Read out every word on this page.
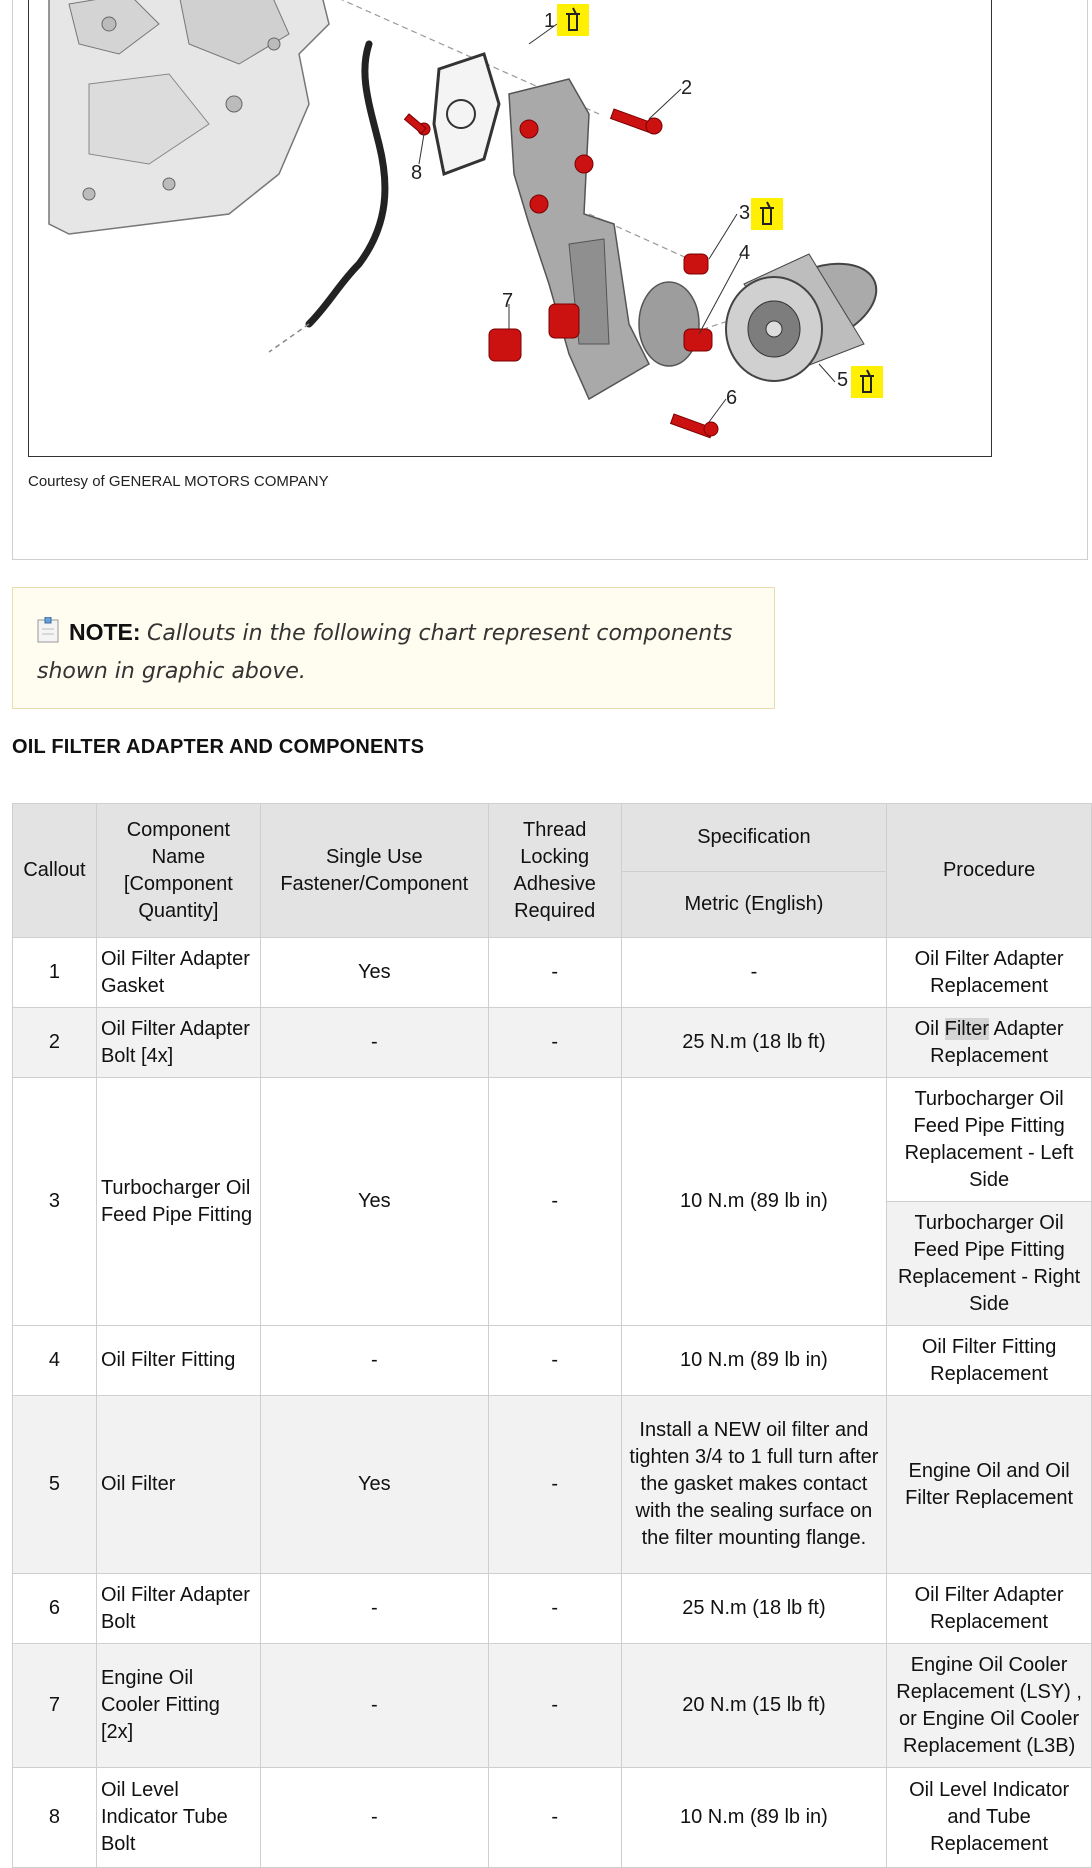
1
2
3
4
5
6
7
8
Courtesy of GENERAL MOTORS COMPANY
NOTE: Callouts in the following chart represent components shown in graphic above.
OIL FILTER ADAPTER AND COMPONENTS
Callout	Component Name [Component Quantity]	Single Use Fastener/Component	Thread Locking Adhesive Required	Specification	Procedure
				Metric (English)	
1	Oil Filter Adapter Gasket	Yes	-	-	Oil Filter Adapter Replacement
2	Oil Filter Adapter Bolt [4x]	-	-	25 N.m (18 lb ft)	Oil Filter Adapter Replacement
3	Turbocharger Oil Feed Pipe Fitting	Yes	-	10 N.m (89 lb in)	Turbocharger Oil Feed Pipe Fitting Replacement - Left Side
					Turbocharger Oil Feed Pipe Fitting Replacement - Right Side
4	Oil Filter Fitting	-	-	10 N.m (89 lb in)	Oil Filter Fitting Replacement
5	Oil Filter	Yes	-	Install a NEW oil filter and tighten 3/4 to 1 full turn after the gasket makes contact with the sealing surface on the filter mounting flange.	Engine Oil and Oil Filter Replacement
6	Oil Filter Adapter Bolt	-	-	25 N.m (18 lb ft)	Oil Filter Adapter Replacement
7	Engine Oil Cooler Fitting [2x]	-	-	20 N.m (15 lb ft)	Engine Oil Cooler Replacement (LSY) , or Engine Oil Cooler Replacement (L3B)
8	Oil Level Indicator Tube Bolt	-	-	10 N.m (89 lb in)	Oil Level Indicator and Tube Replacement
